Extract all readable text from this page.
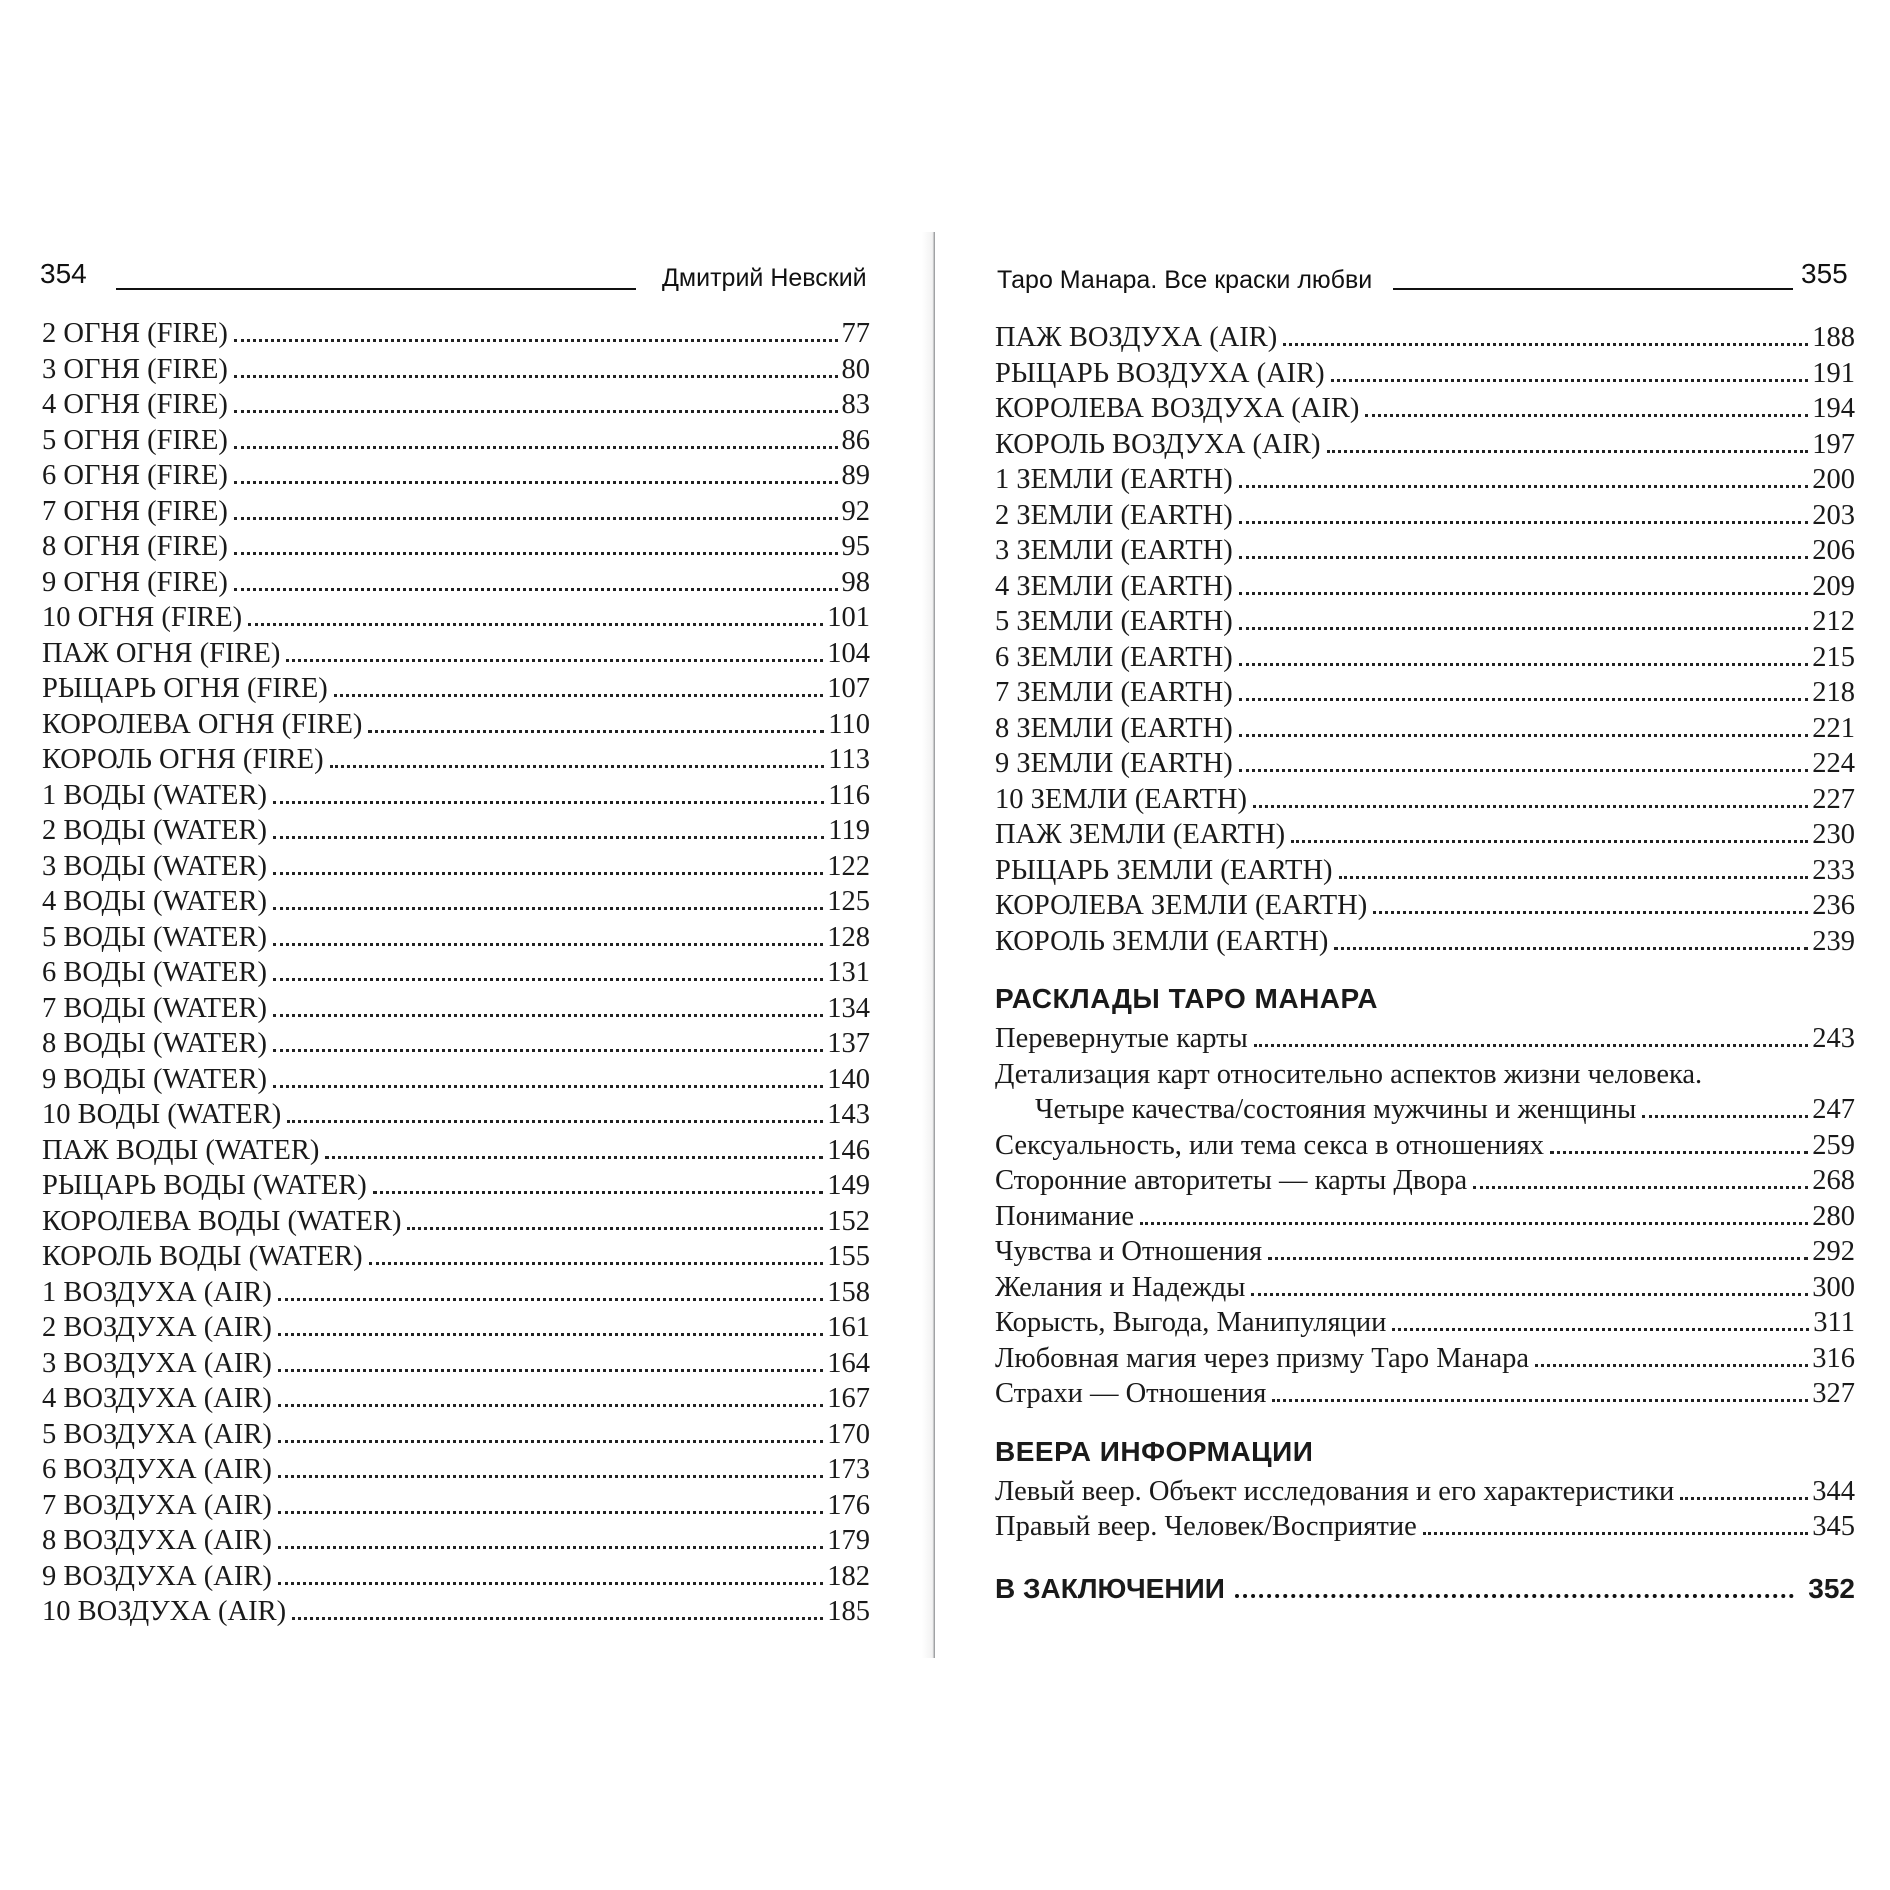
354	Дмитрий Невский
2 ОГНЯ (FIRE)	77
3 ОГНЯ (FIRE)	80
4 ОГНЯ (FIRE)	83
5 ОГНЯ (FIRE)	86
6 ОГНЯ (FIRE)	89
7 ОГНЯ (FIRE)	92
8 ОГНЯ (FIRE)	95
9 ОГНЯ (FIRE)	98
10 ОГНЯ (FIRE)	101
ПАЖ ОГНЯ (FIRE)	104
РЫЦАРЬ ОГНЯ (FIRE)	107
КОРОЛЕВА ОГНЯ (FIRE)	110
КОРОЛЬ ОГНЯ (FIRE)	113
1 ВОДЫ (WATER)	116
2 ВОДЫ (WATER)	119
3 ВОДЫ (WATER)	122
4 ВОДЫ (WATER)	125
5 ВОДЫ (WATER)	128
6 ВОДЫ (WATER)	131
7 ВОДЫ (WATER)	134
8 ВОДЫ (WATER)	137
9 ВОДЫ (WATER)	140
10 ВОДЫ (WATER)	143
ПАЖ ВОДЫ (WATER)	146
РЫЦАРЬ ВОДЫ (WATER)	149
КОРОЛЕВА ВОДЫ (WATER)	152
КОРОЛЬ ВОДЫ (WATER)	155
1 ВОЗДУХА (AIR)	158
2 ВОЗДУХА (AIR)	161
3 ВОЗДУХА (AIR)	164
4 ВОЗДУХА (AIR)	167
5 ВОЗДУХА (AIR)	170
6 ВОЗДУХА (AIR)	173
7 ВОЗДУХА (AIR)	176
8 ВОЗДУХА (AIR)	179
9 ВОЗДУХА (AIR)	182
10 ВОЗДУХА (AIR)	185
Таро Манара. Все краски любви	355
ПАЖ ВОЗДУХА (AIR)	188
РЫЦАРЬ ВОЗДУХА (AIR)	191
КОРОЛЕВА ВОЗДУХА (AIR)	194
КОРОЛЬ ВОЗДУХА (AIR)	197
1 ЗЕМЛИ (EARTH)	200
2 ЗЕМЛИ (EARTH)	203
3 ЗЕМЛИ (EARTH)	206
4 ЗЕМЛИ (EARTH)	209
5 ЗЕМЛИ (EARTH)	212
6 ЗЕМЛИ (EARTH)	215
7 ЗЕМЛИ (EARTH)	218
8 ЗЕМЛИ (EARTH)	221
9 ЗЕМЛИ (EARTH)	224
10 ЗЕМЛИ (EARTH)	227
ПАЖ ЗЕМЛИ (EARTH)	230
РЫЦАРЬ ЗЕМЛИ (EARTH)	233
КОРОЛЕВА ЗЕМЛИ (EARTH)	236
КОРОЛЬ ЗЕМЛИ (EARTH)	239
РАСКЛАДЫ ТАРО МАНАРА
Перевернутые карты	243
Детализация карт относительно аспектов жизни человека.
Четыре качества/состояния мужчины и женщины	247
Сексуальность, или тема секса в отношениях	259
Сторонние авторитеты — карты Двора	268
Понимание	280
Чувства и Отношения	292
Желания и Надежды	300
Корысть, Выгода, Манипуляции	311
Любовная магия через призму Таро Манара	316
Страхи — Отношения	327
ВЕЕРА ИНФОРМАЦИИ
Левый веер. Объект исследования и его характеристики	344
Правый веер. Человек/Восприятие	345
В ЗАКЛЮЧЕНИИ	352
